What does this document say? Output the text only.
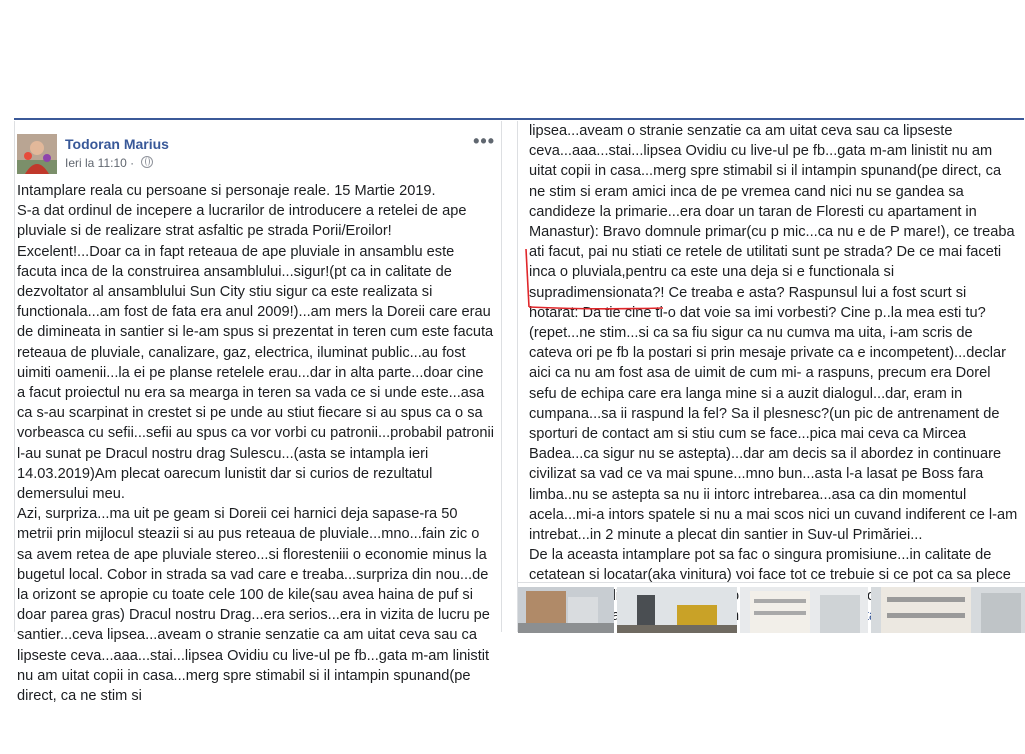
Todoran Marius
Ieri la 11:10 ·
•••

Intamplare reala cu persoane si personaje reale. 15 Martie 2019.

S-a dat ordinul de incepere a lucrarilor de introducere a retelei de ape pluviale si de realizare strat asfaltic pe strada Porii/Eroilor! Excelent!...Doar ca in fapt reteaua de ape pluviale in ansamblu este facuta inca de la construirea ansamblului...sigur!(pt ca in calitate de dezvoltator al ansamblului Sun City stiu sigur ca este realizata si functionala...am fost de fata era anul 2009!)...am mers la Doreii care erau de dimineata in santier si le-am spus si prezentat in teren cum este facuta reteaua de pluviale, canalizare, gaz, electrica, iluminat public...au fost uimiti oamenii...la ei pe planse retelele erau...dar in alta parte...doar cine a facut proiectul nu era sa mearga in teren sa vada ce si unde este...asa ca s-au scarpinat in crestet si pe unde au stiut fiecare si au spus ca o sa vorbeasca cu sefii...sefii au spus ca vor vorbi cu patronii...probabil patronii l-au sunat pe Dracul nostru drag Sulescu...(asta se intampla ieri 14.03.2019)Am plecat oarecum lunistit dar si curios de rezultatul demersului meu.

Azi, surpriza...ma uit pe geam si Doreii cei harnici deja sapase-ra 50 metrii prin mijlocul steazii si au pus reteaua de pluviale...mno...fain zic o sa avem retea de ape pluviale stereo...si floresteniii o economie minus la bugetul local. Cobor in strada sa vad care e treaba...surpriza din nou...de la orizont se apropie cu toate cele 100 de kile(sau avea haina de puf si doar parea gras) Dracul nostru Drag...era serios...era in vizita de lucru pe santier...ceva lipsea...aveam o stranie senzatie ca am uitat ceva sau ca lipseste ceva...aaa...stai...lipsea Ovidiu cu live-ul pe fb...gata m-am linistit nu am uitat copii in casa...merg spre stimabil si il intampin spunand(pe direct, ca ne stim si

lipsea...aveam o stranie senzatie ca am uitat ceva sau ca lipseste ceva...aaa...stai...lipsea Ovidiu cu live-ul pe fb...gata m-am linistit nu am uitat copii in casa...merg spre stimabil si il intampin spunand(pe direct, ca ne stim si eram amici inca de pe vremea cand nici nu se gandea sa candideze la primarie...era doar un taran de Floresti cu apartament in Manastur): Bravo domnule primar(cu p mic...ca nu e de P mare!), ce treaba ati facut, pai nu stiati ce retele de utilitati sunt pe strada? De ce mai faceti inca o pluviala,pentru ca este una deja si e functionala si supradimensionata?! Ce treaba e asta? Raspunsul lui a fost scurt si hotarat: Da tie cine ti-o dat voie sa imi vorbesti? Cine p..la mea esti tu?(repet...ne stim...si ca sa fiu sigur ca nu cumva ma uita, i-am scris de cateva ori pe fb la postari si prin mesaje private ca e incompetent)...declar aici ca nu am fost asa de uimit de cum mi- a raspuns, precum era Dorel sefu de echipa care era langa mine si a auzit dialogul...dar, eram in cumpana...sa ii raspund la fel? Sa il plesnesc?(un pic de antrenament de sporturi de contact am si stiu cum se face...pica mai ceva ca Mircea Badea...ca sigur nu se astepta)...dar am decis sa il abordez in continuare civilizat sa vad ce va mai spune...mno bun...asta l-a lasat pe Boss fara limba..nu se astepta sa nu ii intorc intrebarea...asa ca din momentul acela...mi-a intors spatele si nu a mai scos nici un cuvand indiferent ce l-am intrebat...in 2 minute a plecat din santier in Suv-ul Primăriei...

De la aceasta intamplare pot sa fac o singura promisiune...in calitate de cetatean si locatar(aka vinitura) voi face tot ce trebuie si ce pot ca sa plece
